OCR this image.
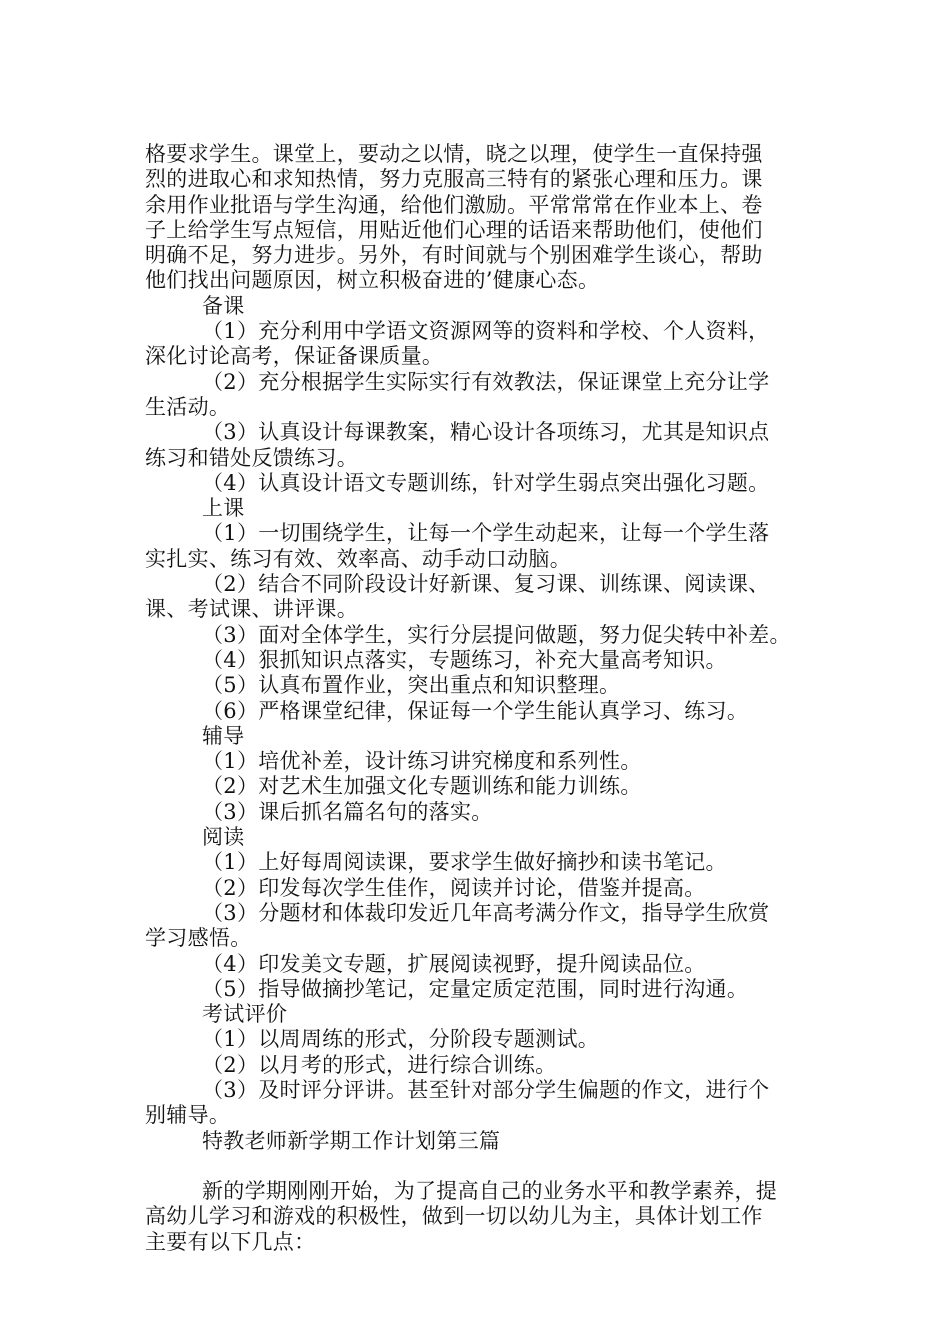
格要求学生。课堂上，要动之以情，晓之以理，使学生一直保持强
烈的进取心和求知热情，努力克服高三特有的紧张心理和压力。课
余用作业批语与学生沟通，给他们激励。平常常常在作业本上、卷
子上给学生写点短信，用贴近他们心理的话语来帮助他们，使他们
明确不足，努力进步。另外，有时间就与个别困难学生谈心，帮助
他们找出问题原因，树立积极奋进的’健康心态。
备课
（1）充分利用中学语文资源网等的资料和学校、个人资料，
深化讨论高考，保证备课质量。
（2）充分根据学生实际实行有效教法，保证课堂上充分让学
生活动。
（3）认真设计每课教案，精心设计各项练习，尤其是知识点
练习和错处反馈练习。
（4）认真设计语文专题训练，针对学生弱点突出强化习题。
上课
（1）一切围绕学生，让每一个学生动起来，让每一个学生落
实扎实、练习有效、效率高、动手动口动脑。
（2）结合不同阶段设计好新课、复习课、训练课、阅读课、
课、考试课、讲评课。
（3）面对全体学生，实行分层提问做题，努力促尖转中补差。
（4）狠抓知识点落实，专题练习，补充大量高考知识。
（5）认真布置作业，突出重点和知识整理。
（6）严格课堂纪律，保证每一个学生能认真学习、练习。
辅导
（1）培优补差，设计练习讲究梯度和系列性。
（2）对艺术生加强文化专题训练和能力训练。
（3）课后抓名篇名句的落实。
阅读
（1）上好每周阅读课，要求学生做好摘抄和读书笔记。
（2）印发每次学生佳作，阅读并讨论，借鉴并提高。
（3）分题材和体裁印发近几年高考满分作文，指导学生欣赏
学习感悟。
（4）印发美文专题，扩展阅读视野，提升阅读品位。
（5）指导做摘抄笔记，定量定质定范围，同时进行沟通。
考试评价
（1）以周周练的形式，分阶段专题测试。
（2）以月考的形式，进行综合训练。
（3）及时评分评讲。甚至针对部分学生偏题的作文，进行个
别辅导。
特教老师新学期工作计划第三篇
新的学期刚刚开始，为了提高自己的业务水平和教学素养，提
高幼儿学习和游戏的积极性，做到一切以幼儿为主，具体计划工作
主要有以下几点：
